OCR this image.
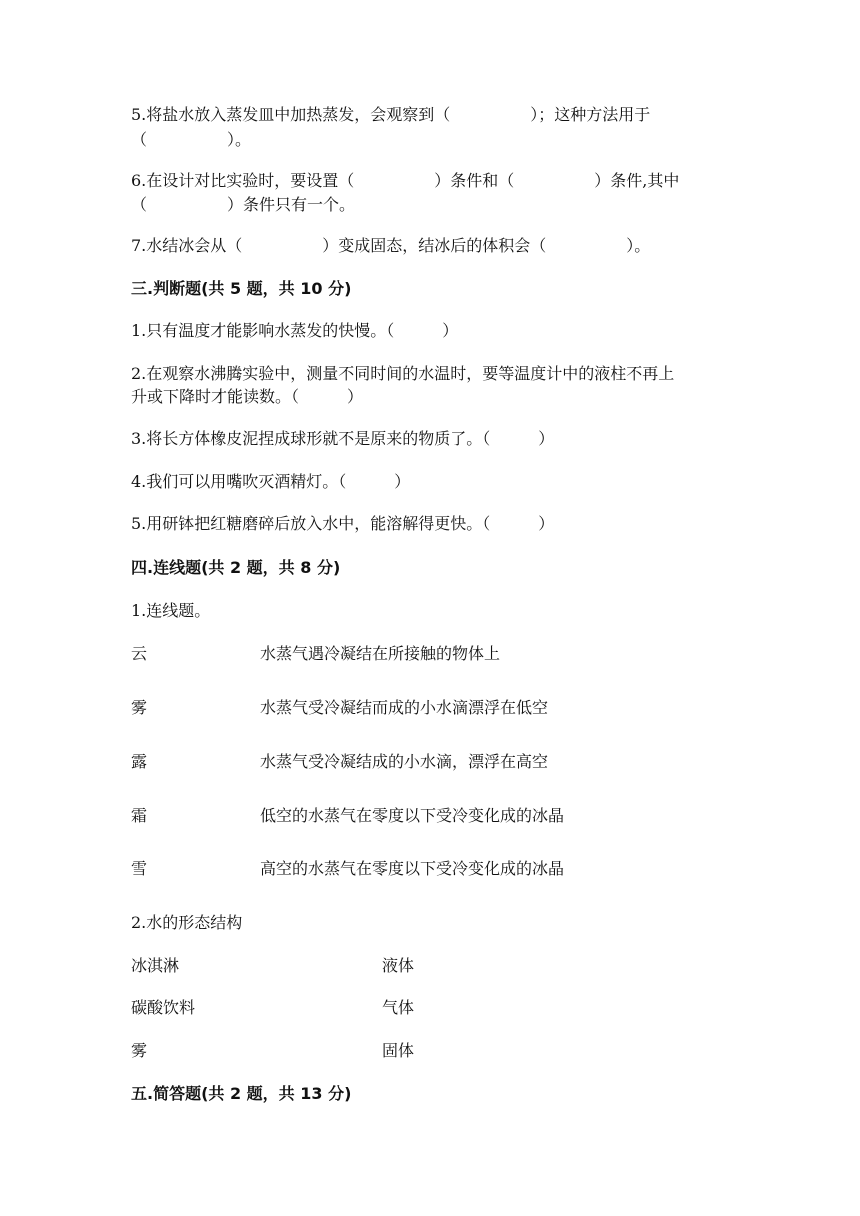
5.将盐水放入蒸发皿中加热蒸发，会观察到（　　　　　）；这种方法用于
（　　　　　）。
6.在设计对比实验时，要设置（　　　　　）条件和（　　　　　）条件,其中
（　　　　　）条件只有一个。
7.水结冰会从（　　　　　）变成固态，结冰后的体积会（　　　　　）。
三.判断题(共 5 题，共 10 分)
1.只有温度才能影响水蒸发的快慢。（　　　）
2.在观察水沸腾实验中，测量不同时间的水温时，要等温度计中的液柱不再上
升或下降时才能读数。（　　　）
3.将长方体橡皮泥捏成球形就不是原来的物质了。（　　　）
4.我们可以用嘴吹灭酒精灯。（　　　）
5.用研钵把红糖磨碎后放入水中，能溶解得更快。（　　　）
四.连线题(共 2 题，共 8 分)
1.连线题。
云	水蒸气遇冷凝结在所接触的物体上
雾	水蒸气受冷凝结而成的小水滴漂浮在低空
露	水蒸气受冷凝结成的小水滴，漂浮在高空
霜	低空的水蒸气在零度以下受冷变化成的冰晶
雪	高空的水蒸气在零度以下受冷变化成的冰晶
2.水的形态结构
冰淇淋	液体
碳酸饮料	气体
雾	固体
五.简答题(共 2 题，共 13 分)
